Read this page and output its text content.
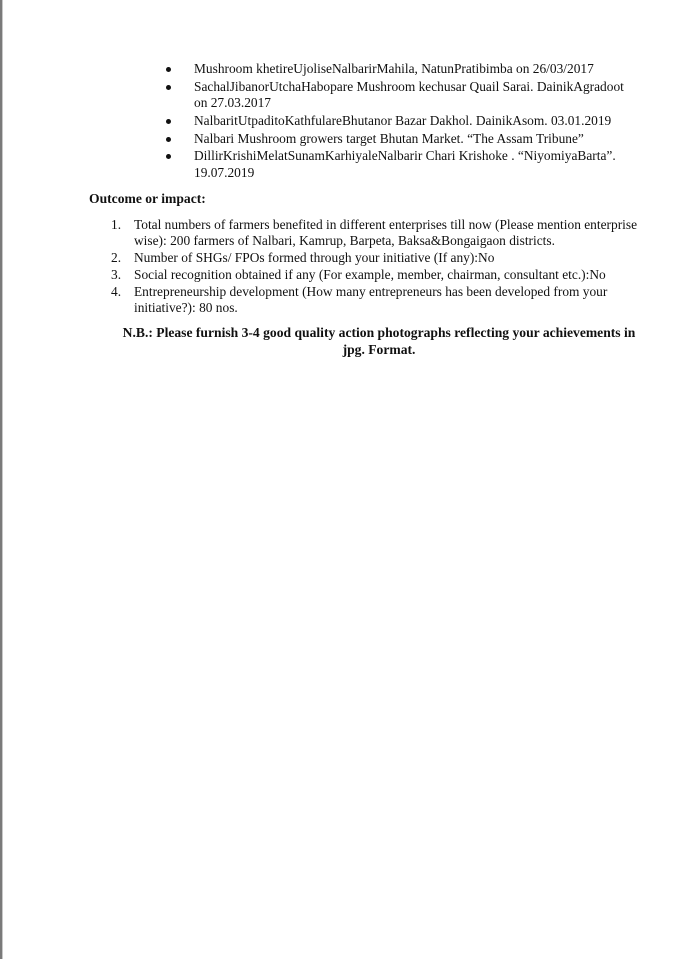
Mushroom khetireUjoliseNalbarirMahila, NatunPratibimba on 26/03/2017
SachalJibanorUtchaHabopare Mushroom kechusar Quail Sarai. DainikAgradoot on 27.03.2017
NalbaritUtpaditoKathfulareBhutanor Bazar Dakhol. DainikAsom. 03.01.2019
Nalbari Mushroom growers target Bhutan Market. “The Assam Tribune”
DillirKrishiMelatSunamKarhiyaleNalbarir Chari Krishoke . “NiyomiyaBarta”. 19.07.2019

Outcome or impact:

1. Total numbers of farmers benefited in different enterprises till now (Please mention enterprise wise): 200 farmers of Nalbari, Kamrup, Barpeta, Baksa&Bongaigaon districts.
2. Number of SHGs/ FPOs formed through your initiative (If any):No
3. Social recognition obtained if any (For example, member, chairman, consultant etc.):No
4. Entrepreneurship development (How many entrepreneurs has been developed from your initiative?): 80 nos.

N.B.: Please furnish 3-4 good quality action photographs reflecting your achievements in jpg. Format.
